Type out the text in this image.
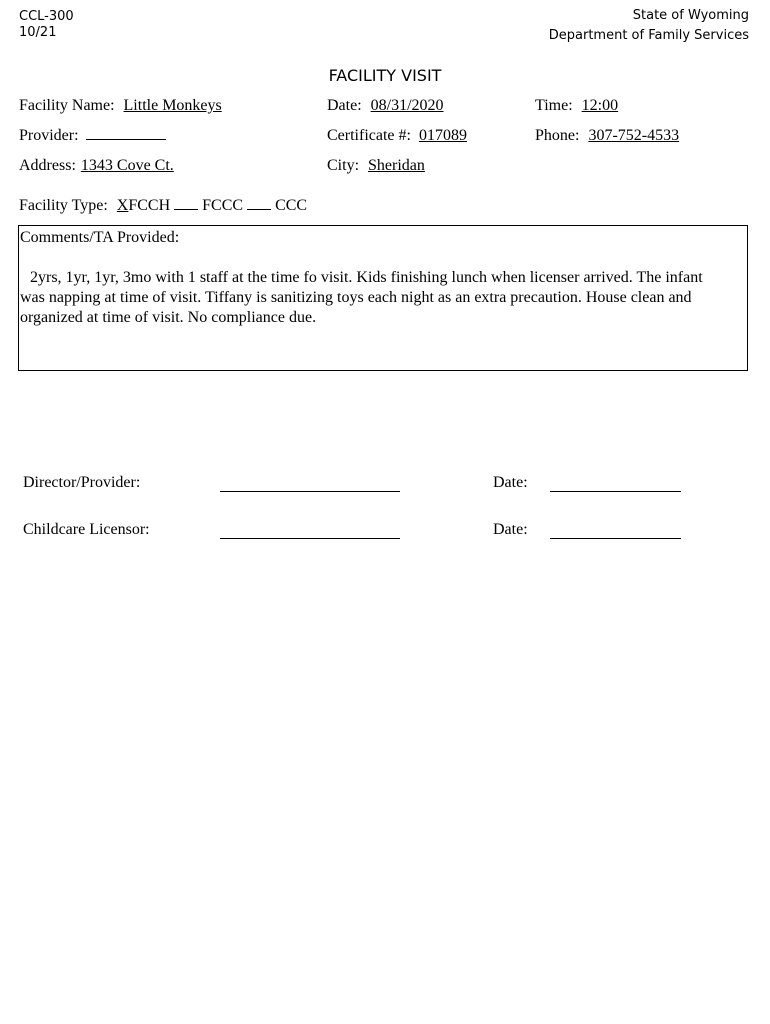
CCL-300
10/21
State of Wyoming
Department of Family Services
FACILITY VISIT
Facility Name: Little Monkeys	Date: 08/31/2020	Time: 12:00
Provider:	Certificate #: 017089	Phone: 307-752-4533
Address: 1343 Cove Ct.	City: Sheridan
Facility Type: XFCCH FCCC CCC
Comments/TA Provided:
2yrs, 1yr, 1yr, 3mo with 1 staff at the time fo visit. Kids finishing lunch when licenser arrived. The infant was napping at time of visit. Tiffany is sanitizing toys each night as an extra precaution. House clean and organized at time of visit. No compliance due.
Director/Provider:	Date:
Childcare Licensor:	Date:
